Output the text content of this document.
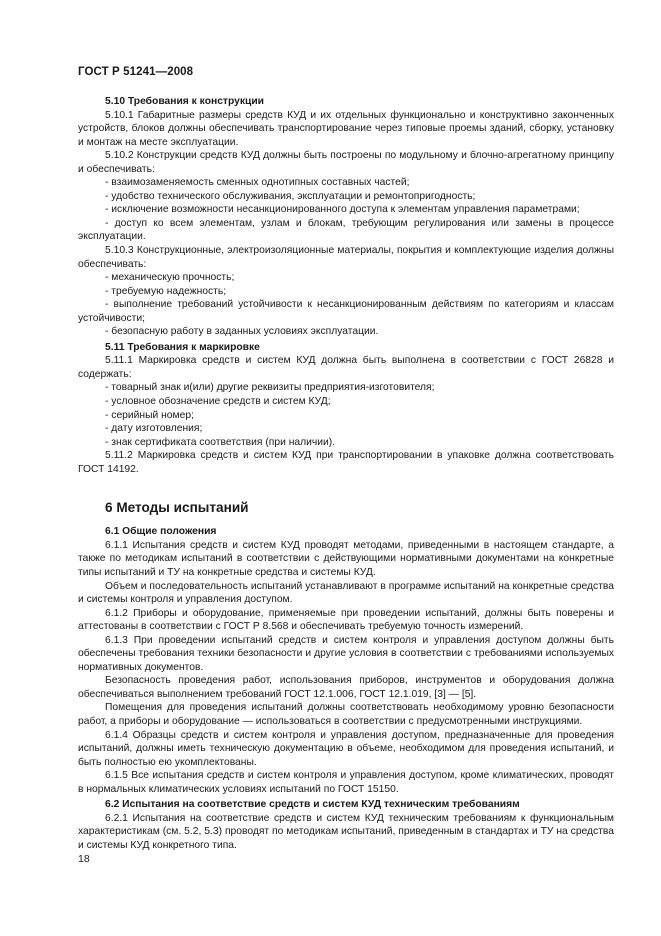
ГОСТ Р 51241—2008
5.10 Требования к конструкции
5.10.1 Габаритные размеры средств КУД и их отдельных функционально и конструктивно законченных устройств, блоков должны обеспечивать транспортирование через типовые проемы зданий, сборку, установку и монтаж на месте эксплуатации.
5.10.2 Конструкции средств КУД должны быть построены по модульному и блочно-агрегатному принципу и обеспечивать:
- взаимозаменяемость сменных однотипных составных частей;
- удобство технического обслуживания, эксплуатации и ремонтопригодность;
- исключение возможности несанкционированного доступа к элементам управления параметрами;
- доступ ко всем элементам, узлам и блокам, требующим регулирования или замены в процессе эксплуатации.
5.10.3 Конструкционные, электроизоляционные материалы, покрытия и комплектующие изделия должны обеспечивать:
- механическую прочность;
- требуемую надежность;
- выполнение требований устойчивости к несанкционированным действиям по категориям и классам устойчивости;
- безопасную работу в заданных условиях эксплуатации.
5.11 Требования к маркировке
5.11.1 Маркировка средств и систем КУД должна быть выполнена в соответствии с ГОСТ 26828 и содержать:
- товарный знак и(или) другие реквизиты предприятия-изготовителя;
- условное обозначение средств и систем КУД;
- серийный номер;
- дату изготовления;
- знак сертификата соответствия (при наличии).
5.11.2 Маркировка средств и систем КУД при транспортировании в упаковке должна соответствовать ГОСТ 14192.
6 Методы испытаний
6.1 Общие положения
6.1.1 Испытания средств и систем КУД проводят методами, приведенными в настоящем стандарте, а также по методикам испытаний в соответствии с действующими нормативными документами на конкретные типы испытаний и ТУ на конкретные средства и системы КУД.
Объем и последовательность испытаний устанавливают в программе испытаний на конкретные средства и системы контроля и управления доступом.
6.1.2 Приборы и оборудование, применяемые при проведении испытаний, должны быть поверены и аттестованы в соответствии с ГОСТ Р 8.568 и обеспечивать требуемую точность измерений.
6.1.3 При проведении испытаний средств и систем контроля и управления доступом должны быть обеспечены требования техники безопасности и другие условия в соответствии с требованиями используемых нормативных документов.
Безопасность проведения работ, использования приборов, инструментов и оборудования должна обеспечиваться выполнением требований ГОСТ 12.1.006, ГОСТ 12.1.019, [3] — [5].
Помещения для проведения испытаний должны соответствовать необходимому уровню безопасности работ, а приборы и оборудование — использоваться в соответствии с предусмотренными инструкциями.
6.1.4 Образцы средств и систем контроля и управления доступом, предназначенные для проведения испытаний, должны иметь техническую документацию в объеме, необходимом для проведения испытаний, и быть полностью ею укомплектованы.
6.1.5 Все испытания средств и систем контроля и управления доступом, кроме климатических, проводят в нормальных климатических условиях испытаний по ГОСТ 15150.
6.2 Испытания на соответствие средств и систем КУД техническим требованиям
6.2.1 Испытания на соответствие средств и систем КУД техническим требованиям к функциональным характеристикам (см. 5.2, 5.3) проводят по методикам испытаний, приведенным в стандартах и ТУ на средства и системы КУД конкретного типа.
18
